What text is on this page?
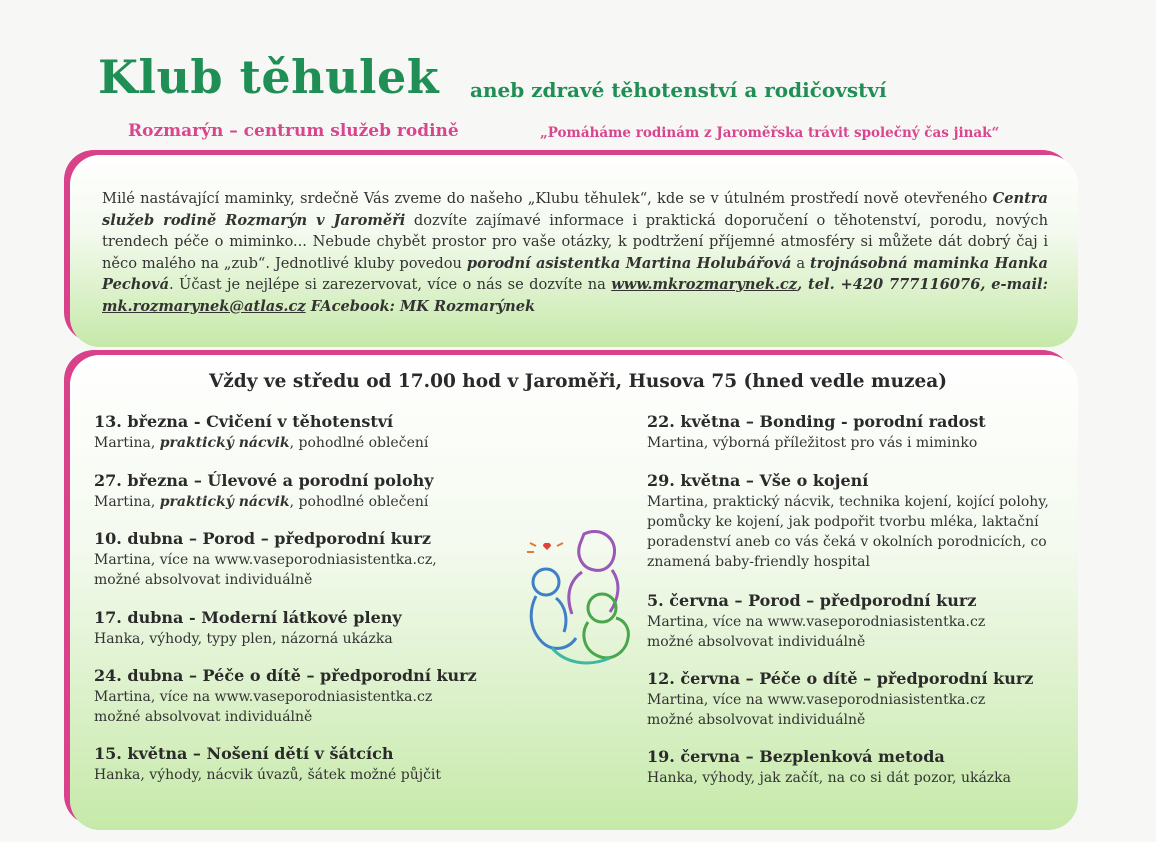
Klub těhulek aneb zdravé těhotenství a rodičovství
Rozmarýn – centrum služeb rodině	„Pomáháme rodinám z Jaroměřska trávit společný čas jinak“
Milé nastávající maminky, srdečně Vás zveme do našeho „Klubu těhulek“, kde se v útulném prostředí nově otevřeného Centra služeb rodině Rozmarýn v Jaroměři dozvíte zajímavé informace i praktická doporučení o těhotenství, porodu, nových trendech péče o miminko... Nebude chybět prostor pro vaše otázky, k podtržení příjemné atmosféry si můžete dát dobrý čaj i něco malého na „zub“. Jednotlivé kluby povedou porodní asistentka Martina Holubářová a trojnásobná maminka Hanka Pechová. Účast je nejlépe si zarezervovat, více o nás se dozvíte na www.mkrozmarynek.cz, tel. +420 777116076, e-mail: mk.rozmarynek@atlas.cz FAcebook: MK Rozmarýnek
Vždy ve středu od 17.00 hod v Jaroměři, Husova 75 (hned vedle muzea)
13. března - Cvičení v těhotenství
Martina, praktický nácvik, pohodlné oblečení
27. března – Úlevové a porodní polohy
Martina, praktický nácvik, pohodlné oblečení
10. dubna – Porod – předporodní kurz
Martina, více na www.vaseporodniasistentka.cz,
možné absolvovat individuálně
17. dubna - Moderní látkové pleny
Hanka, výhody, typy plen, názorná ukázka
24. dubna – Péče o dítě – předporodní kurz
Martina, více na www.vaseporodniasistentka.cz
možné absolvovat individuálně
15. května – Nošení dětí v šátcích
Hanka, výhody, nácvik úvazů, šátek možné půjčit
22. května – Bonding - porodní radost
Martina, výborná příležitost pro vás i miminko
29. května – Vše o kojení
Martina, praktický nácvik, technika kojení, kojící polohy, pomůcky ke kojení, jak podpořit tvorbu mléka, laktační poradenství aneb co vás čeká v okolních porodnicích, co znamená baby-friendly hospital
5. června – Porod – předporodní kurz
Martina, více na www.vaseporodniasistentka.cz
možné absolvovat individuálně
12. června – Péče o dítě – předporodní kurz
Martina, více na www.vaseporodniasistentka.cz
možné absolvovat individuálně
19. června – Bezplenková metoda
Hanka, výhody, jak začít, na co si dát pozor, ukázka
